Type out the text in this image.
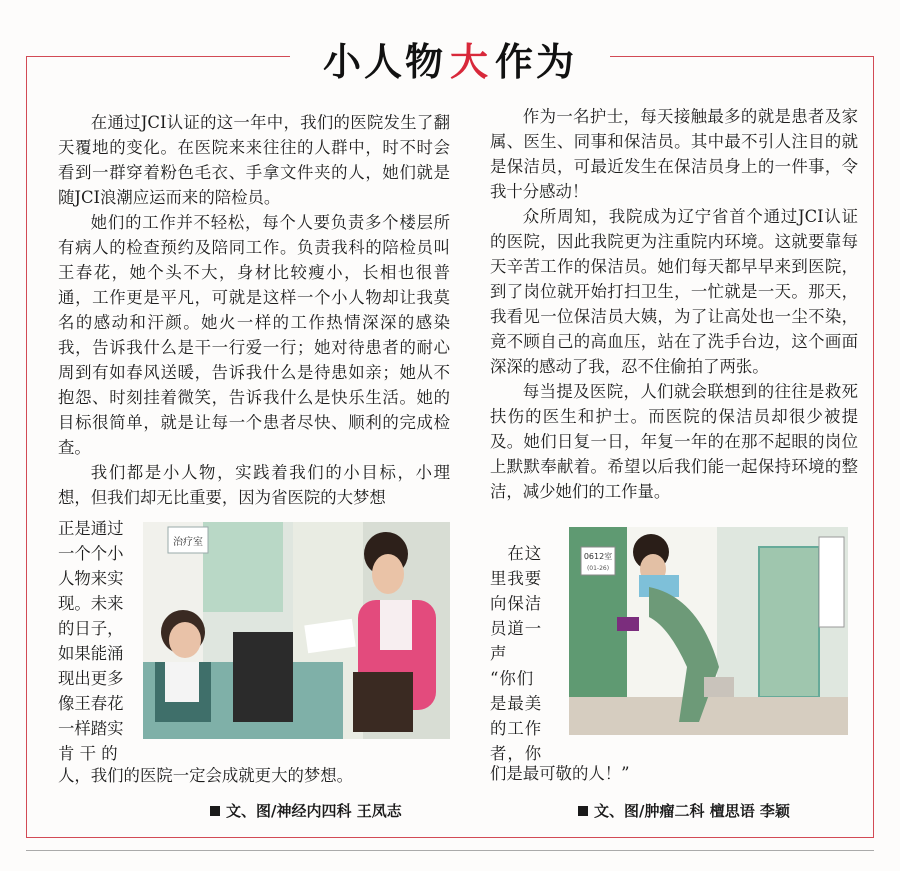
小人物 大 作为

在通过JCI认证的这一年中，我们的医院发生了翻天覆地的变化。在医院来来往往的人群中，时不时会看到一群穿着粉色毛衣、手拿文件夹的人，她们就是随JCI浪潮应运而来的陪检员。

她们的工作并不轻松，每个人要负责多个楼层所有病人的检查预约及陪同工作。负责我科的陪检员叫王春花，她个头不大，身材比较瘦小，长相也很普通，工作更是平凡，可就是这样一个小人物却让我莫名的感动和汗颜。她火一样的工作热情深深的感染我，告诉我什么是干一行爱一行；她对待患者的耐心周到有如春风送暖，告诉我什么是待患如亲；她从不抱怨、时刻挂着微笑，告诉我什么是快乐生活。她的目标很简单，就是让每一个患者尽快、顺利的完成检查。

我们都是小人物，实践着我们的小目标，小理想，但我们却无比重要，因为省医院的大梦想

正是通过
一个个小
人物来实
现。未来
的日子，
如果能涌
现出更多
像王春花
一样踏实
肯 干 的
人，我们的医院一定会成就更大的梦想。
治疗室
文、图/神经内四科 王凤志

作为一名护士，每天接触最多的就是患者及家属、医生、同事和保洁员。其中最不引人注目的就是保洁员，可最近发生在保洁员身上的一件事，令我十分感动！

众所周知，我院成为辽宁省首个通过JCI认证的医院，因此我院更为注重院内环境。这就要靠每天辛苦工作的保洁员。她们每天都早早来到医院，到了岗位就开始打扫卫生，一忙就是一天。那天，我看见一位保洁员大姨，为了让高处也一尘不染，竟不顾自己的高血压，站在了洗手台边，这个画面深深的感动了我，忍不住偷拍了两张。

每当提及医院，人们就会联想到的往往是救死扶伤的医生和护士。而医院的保洁员却很少被提及。她们日复一日，年复一年的在那不起眼的岗位上默默奉献着。希望以后我们能一起保持环境的整洁，减少她们的工作量。

　在这
里我要
向保洁
员道一
声
“你们
是最美
的工作
者，你
们是最可敬的人！”
0612室
(01-26)
文、图/肿瘤二科 檀思语 李颖
